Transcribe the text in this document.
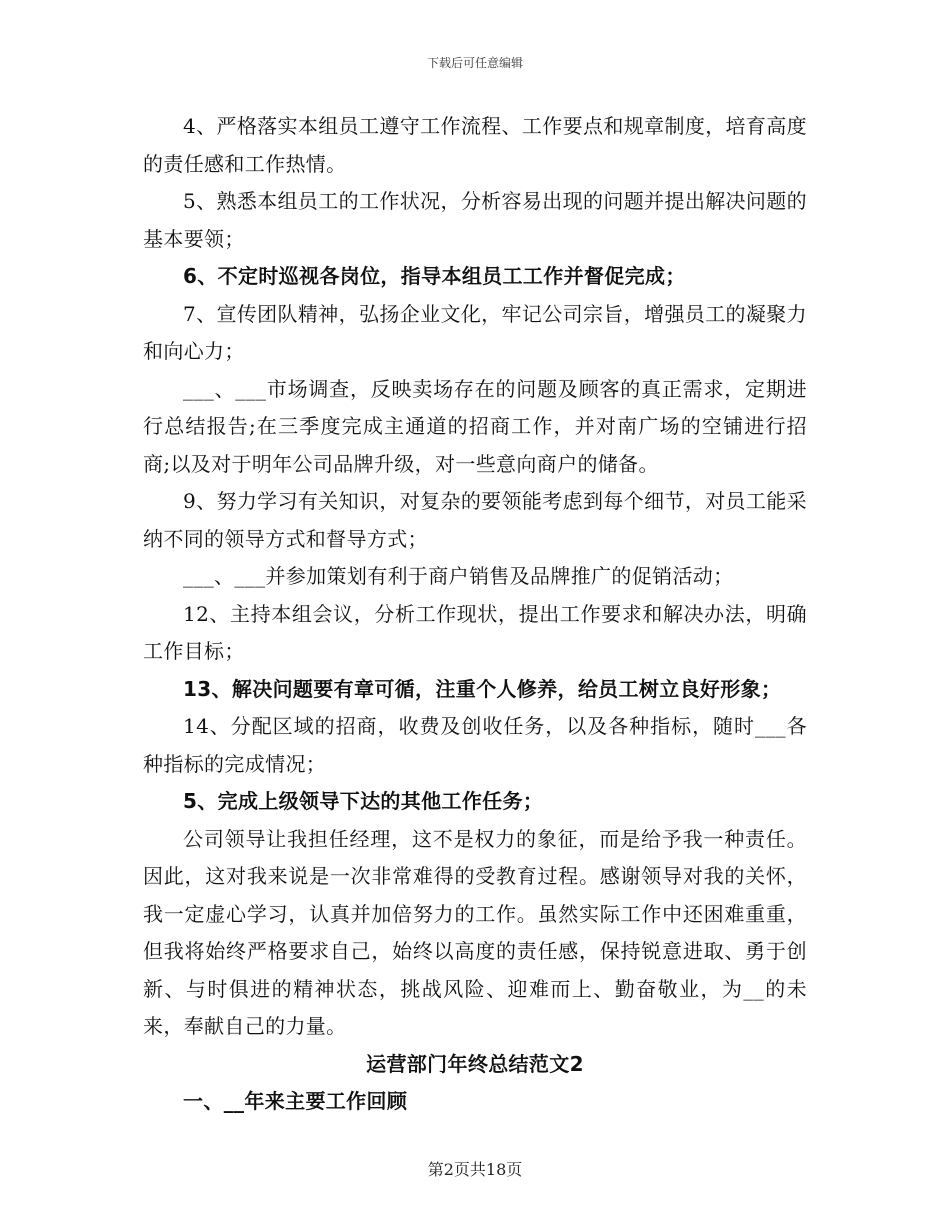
下载后可任意编辑

4、严格落实本组员工遵守工作流程、工作要点和规章制度，培育高度的责任感和工作热情。

5、熟悉本组员工的工作状况，分析容易出现的问题并提出解决问题的基本要领；

6、不定时巡视各岗位，指导本组员工工作并督促完成；

7、宣传团队精神，弘扬企业文化，牢记公司宗旨，增强员工的凝聚力和向心力；

___、___市场调查，反映卖场存在的问题及顾客的真正需求，定期进行总结报告;在三季度完成主通道的招商工作，并对南广场的空铺进行招商;以及对于明年公司品牌升级，对一些意向商户的储备。

9、努力学习有关知识，对复杂的要领能考虑到每个细节，对员工能采纳不同的领导方式和督导方式；

___、___并参加策划有利于商户销售及品牌推广的促销活动；

12、主持本组会议，分析工作现状，提出工作要求和解决办法，明确工作目标；

13、解决问题要有章可循，注重个人修养，给员工树立良好形象；

14、分配区域的招商，收费及创收任务，以及各种指标，随时___各种指标的完成情况；

5、完成上级领导下达的其他工作任务；

公司领导让我担任经理，这不是权力的象征，而是给予我一种责任。因此，这对我来说是一次非常难得的受教育过程。感谢领导对我的关怀，我一定虚心学习，认真并加倍努力的工作。虽然实际工作中还困难重重，但我将始终严格要求自己，始终以高度的责任感，保持锐意进取、勇于创新、与时俱进的精神状态，挑战风险、迎难而上、勤奋敬业，为__的未来，奉献自己的力量。

运营部门年终总结范文2

一、__年来主要工作回顾

第2页共18页
